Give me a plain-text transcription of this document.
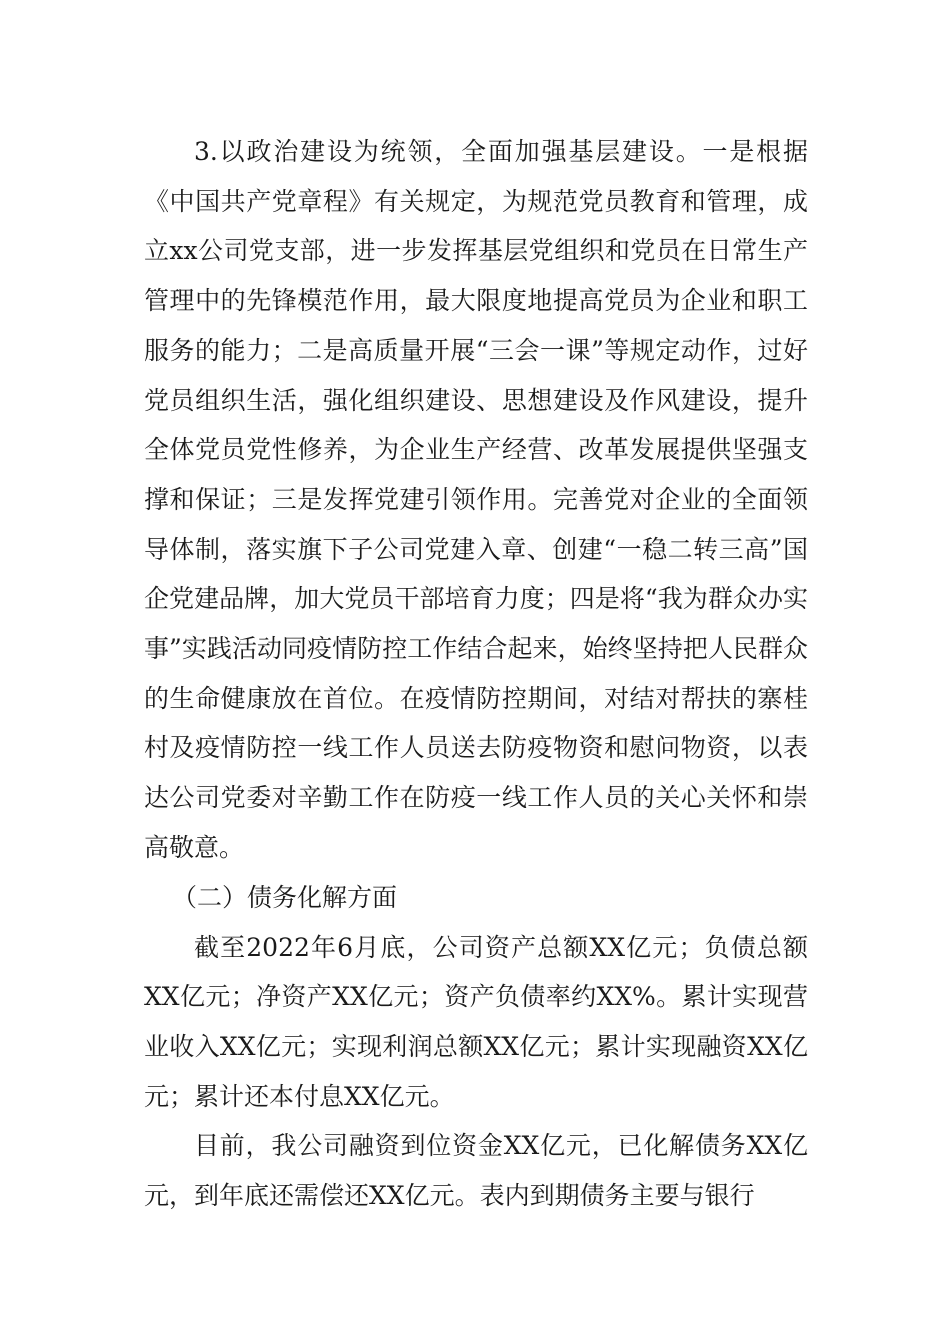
3.以政治建设为统领，全面加强基层建设。一是根据《中国共产党章程》有关规定，为规范党员教育和管理，成立xx公司党支部，进一步发挥基层党组织和党员在日常生产管理中的先锋模范作用，最大限度地提高党员为企业和职工服务的能力；二是高质量开展“三会一课”等规定动作，过好党员组织生活，强化组织建设、思想建设及作风建设，提升全体党员党性修养，为企业生产经营、改革发展提供坚强支撑和保证；三是发挥党建引领作用。完善党对企业的全面领导体制，落实旗下子公司党建入章、创建“一稳二转三高”国企党建品牌，加大党员干部培育力度；四是将“我为群众办实事”实践活动同疫情防控工作结合起来，始终坚持把人民群众的生命健康放在首位。在疫情防控期间，对结对帮扶的寨桂村及疫情防控一线工作人员送去防疫物资和慰问物资，以表达公司党委对辛勤工作在防疫一线工作人员的关心关怀和崇高敬意。

（二）债务化解方面

截至2022年6月底，公司资产总额XX亿元；负债总额XX亿元；净资产XX亿元；资产负债率约XX%。累计实现营业收入XX亿元；实现利润总额XX亿元；累计实现融资XX亿元；累计还本付息XX亿元。

目前，我公司融资到位资金XX亿元，已化解债务XX亿元，到年底还需偿还XX亿元。表内到期债务主要与银行
